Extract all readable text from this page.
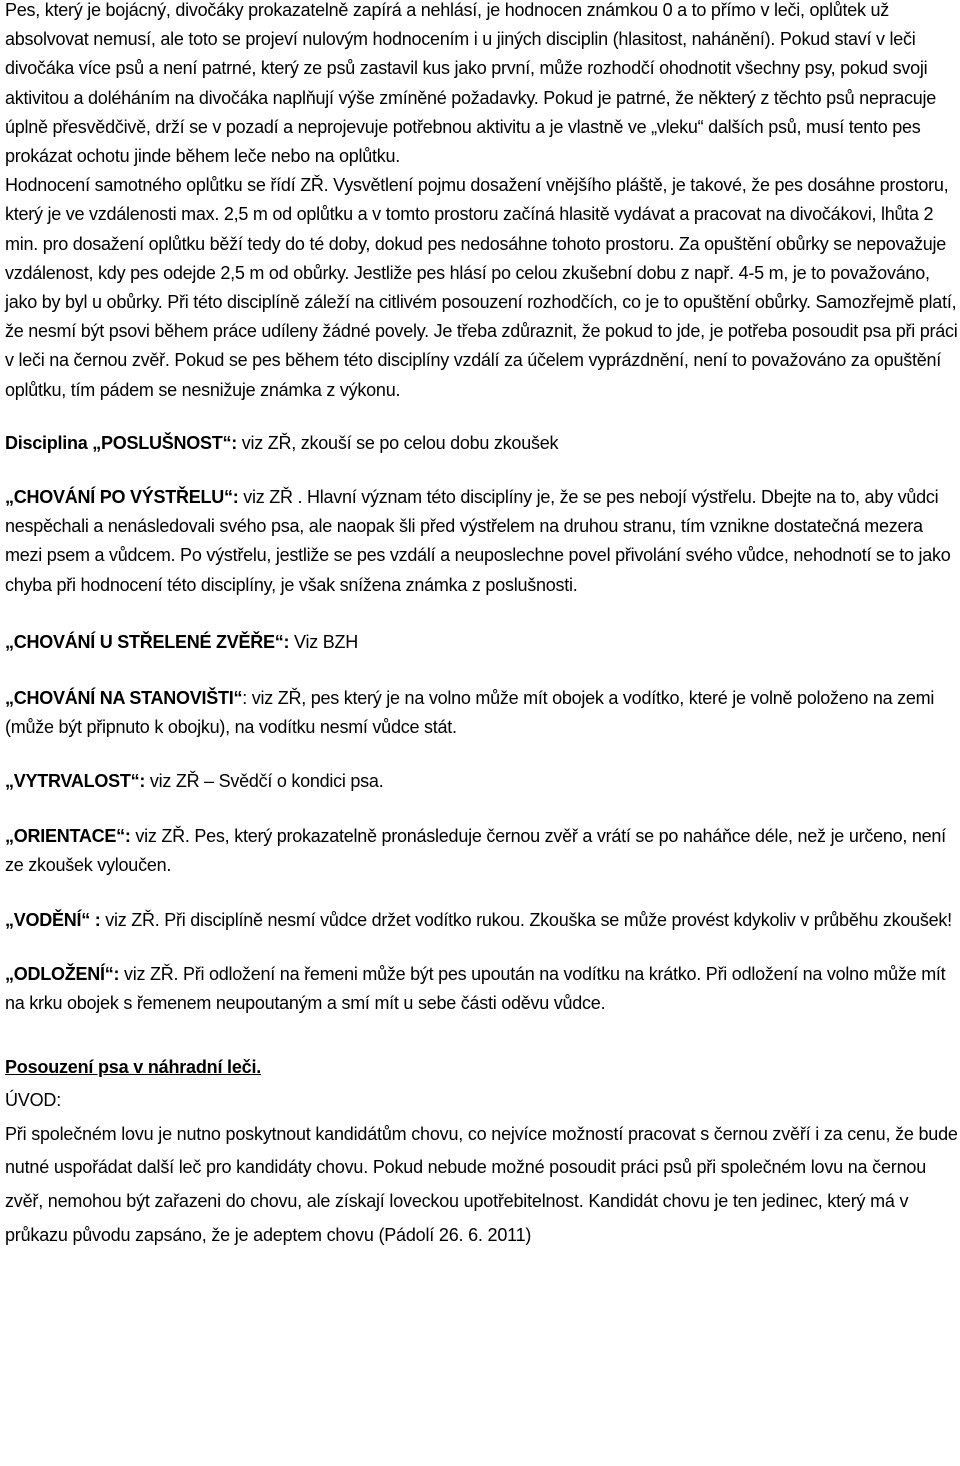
Pes, který je bojácný, divočáky prokazatelně zapírá a nehlásí, je hodnocen známkou 0 a to přímo v leči, oplůtek už absolvovat nemusí, ale toto se projeví nulovým hodnocením i u jiných disciplin (hlasitost, nahánění). Pokud staví v leči divočáka více psů a není patrné, který ze psů zastavil kus jako první, může rozhodčí ohodnotit všechny psy, pokud svoji aktivitou a doléháním na divočáka naplňují výše zmíněné požadavky. Pokud je patrné, že některý z těchto psů nepracuje úplně přesvědčivě, drží se v pozadí a neprojevuje potřebnou aktivitu a je vlastně ve „vleku“ dalších psů, musí tento pes prokázat ochotu jinde během leče nebo na oplůtku.

Hodnocení samotného oplůtku se řídí ZŘ. Vysvětlení pojmu dosažení vnějšího pláště, je takové, že pes dosáhne prostoru, který je ve vzdálenosti max. 2,5 m od oplůtku a v tomto prostoru začíná hlasitě vydávat a pracovat na divočákovi, lhůta 2 min. pro dosažení oplůtku běží tedy do té doby, dokud pes nedosáhne tohoto prostoru. Za opuštění obůrky se nepovažuje vzdálenost, kdy pes odejde 2,5 m od obůrky. Jestliže pes hlásí po celou zkušební dobu z např. 4-5 m, je to považováno, jako by byl u obůrky. Při této disciplíně záleží na citlivém posouzení rozhodčích, co je to opuštění obůrky. Samozřejmě platí, že nesmí být psovi během práce udíleny žádné povely. Je třeba zdůraznit, že pokud to jde, je potřeba posoudit psa při práci v leči na černou zvěř. Pokud se pes během této disciplíny vzdálí za účelem vyprázdnění, není to považováno za opuštění oplůtku, tím pádem se nesnižuje známka z výkonu.

Disciplina „POSLUŠNOST“: viz ZŘ, zkouší se po celou dobu zkoušek

„CHOVÁNÍ PO VÝSTŘELU“: viz ZŘ . Hlavní význam této disciplíny je, že se pes nebojí výstřelu. Dbejte na to, aby vůdci nespěchali a nenásledovali svého psa, ale naopak šli před výstřelem na druhou stranu, tím vznikne dostatečná mezera mezi psem a vůdcem. Po výstřelu, jestliže se pes vzdálí a neuposlechne povel přivolání svého vůdce, nehodnotí se to jako chyba při hodnocení této disciplíny, je však snížena známka z poslušnosti.

„CHOVÁNÍ U STŘELENÉ ZVĚŘE“: Viz BZH

„CHOVÁNÍ NA STANOVIŠTI“: viz ZŘ, pes který je na volno může mít obojek a vodítko, které je volně položeno na zemi (může být připnuto k obojku), na vodítku nesmí vůdce stát.

„VYTRVALOST“: viz ZŘ – Svědčí o kondici psa.

„ORIENTACE“: viz ZŘ. Pes, který prokazatelně pronásleduje černou zvěř a vrátí se po naháňce déle, než je určeno, není ze zkoušek vyloučen.

„VODĚNÍ“ : viz ZŘ. Při disciplíně nesmí vůdce držet vodítko rukou. Zkouška se může provést kdykoliv v průběhu zkoušek!

„ODLOŽENÍ“: viz ZŘ. Při odložení na řemeni může být pes upoután na vodítku na krátko. Při odložení na volno může mít na krku obojek s řemenem neupoutaným a smí mít u sebe části oděvu vůdce.

Posouzení psa v náhradní leči.
ÚVOD:
Při společném lovu je nutno poskytnout kandidátům chovu, co nejvíce možností pracovat s černou zvěří i za cenu, že bude nutné uspořádat další leč pro kandidáty chovu. Pokud nebude možné posoudit práci psů při společném lovu na černou zvěř, nemohou být zařazeni do chovu, ale získají loveckou upotřebitelnost. Kandidát chovu je ten jedinec, který má v průkazu původu zapsáno, že je adeptem chovu (Pádolí 26. 6. 2011)
